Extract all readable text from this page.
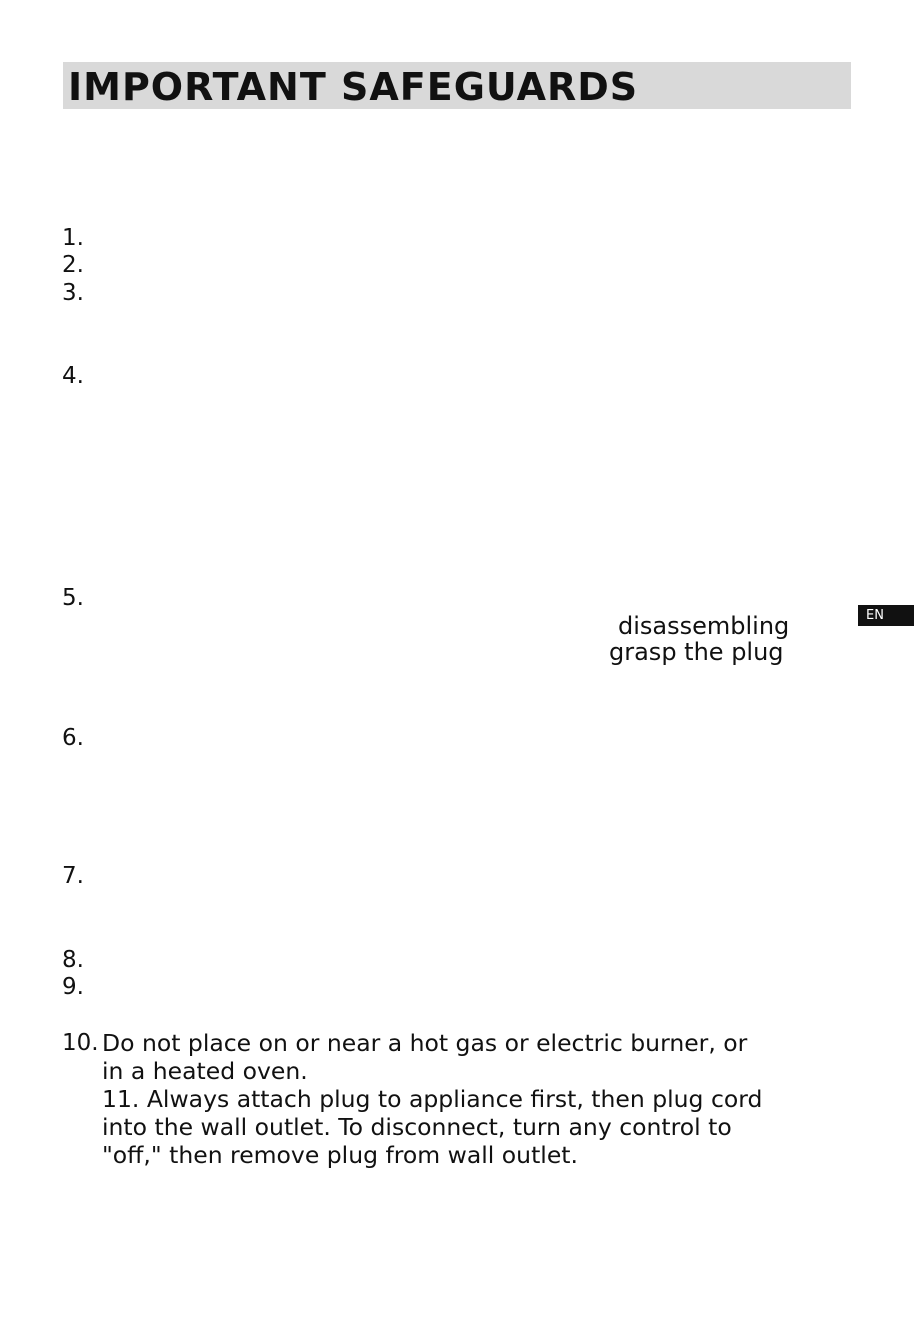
IMPORTANT SAFEGUARDS
1.
2.
3.
4.
5.
6.
7.
8.
9.
disassembling
grasp the plug
10. Do not place on or near a hot gas or electric burner, or
in a heated oven.
11. Always attach plug to appliance first, then plug cord
into the wall outlet. To disconnect, turn any control to
"off," then remove plug from wall outlet.
EN
